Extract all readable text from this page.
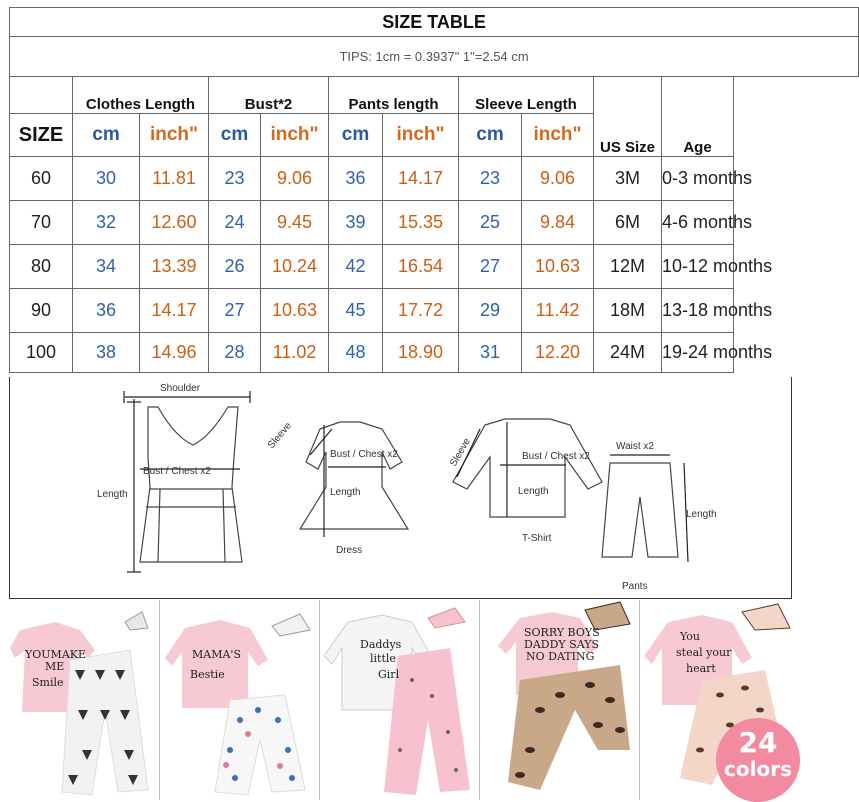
SIZE TABLE										
TIPS: 1cm = 0.3937" 1"=2.54 cm										
	Clothes Length		Bust*2		Pants length		Sleeve Length		US Size	Age
SIZE	cm	inch"	cm	inch"	cm	inch"	cm	inch"		
60	30	11.81	23	9.06	36	14.17	23	9.06	3M	0-3 months
70	32	12.60	24	9.45	39	15.35	25	9.84	6M	4-6 months
80	34	13.39	26	10.24	42	16.54	27	10.63	12M	10-12 months
90	36	14.17	27	10.63	45	17.72	29	11.42	18M	13-18 months
100	38	14.96	28	11.02	48	18.90	31	12.20	24M	19-24 months
Shoulder
Bust / Chest x2
Length
Sleeve
Bust / Chest x2
Length
Dress
Sleeve	Bust / Chest x2
Length
T-Shirt
Waist x2
Length
Pants
YOUMAKE
ME
Smile
MAMA'S
Bestie
Daddys
little
Girl
SORRY BOYS
DADDY SAYS
NO DATING
You
steal your
heart
24
colors
